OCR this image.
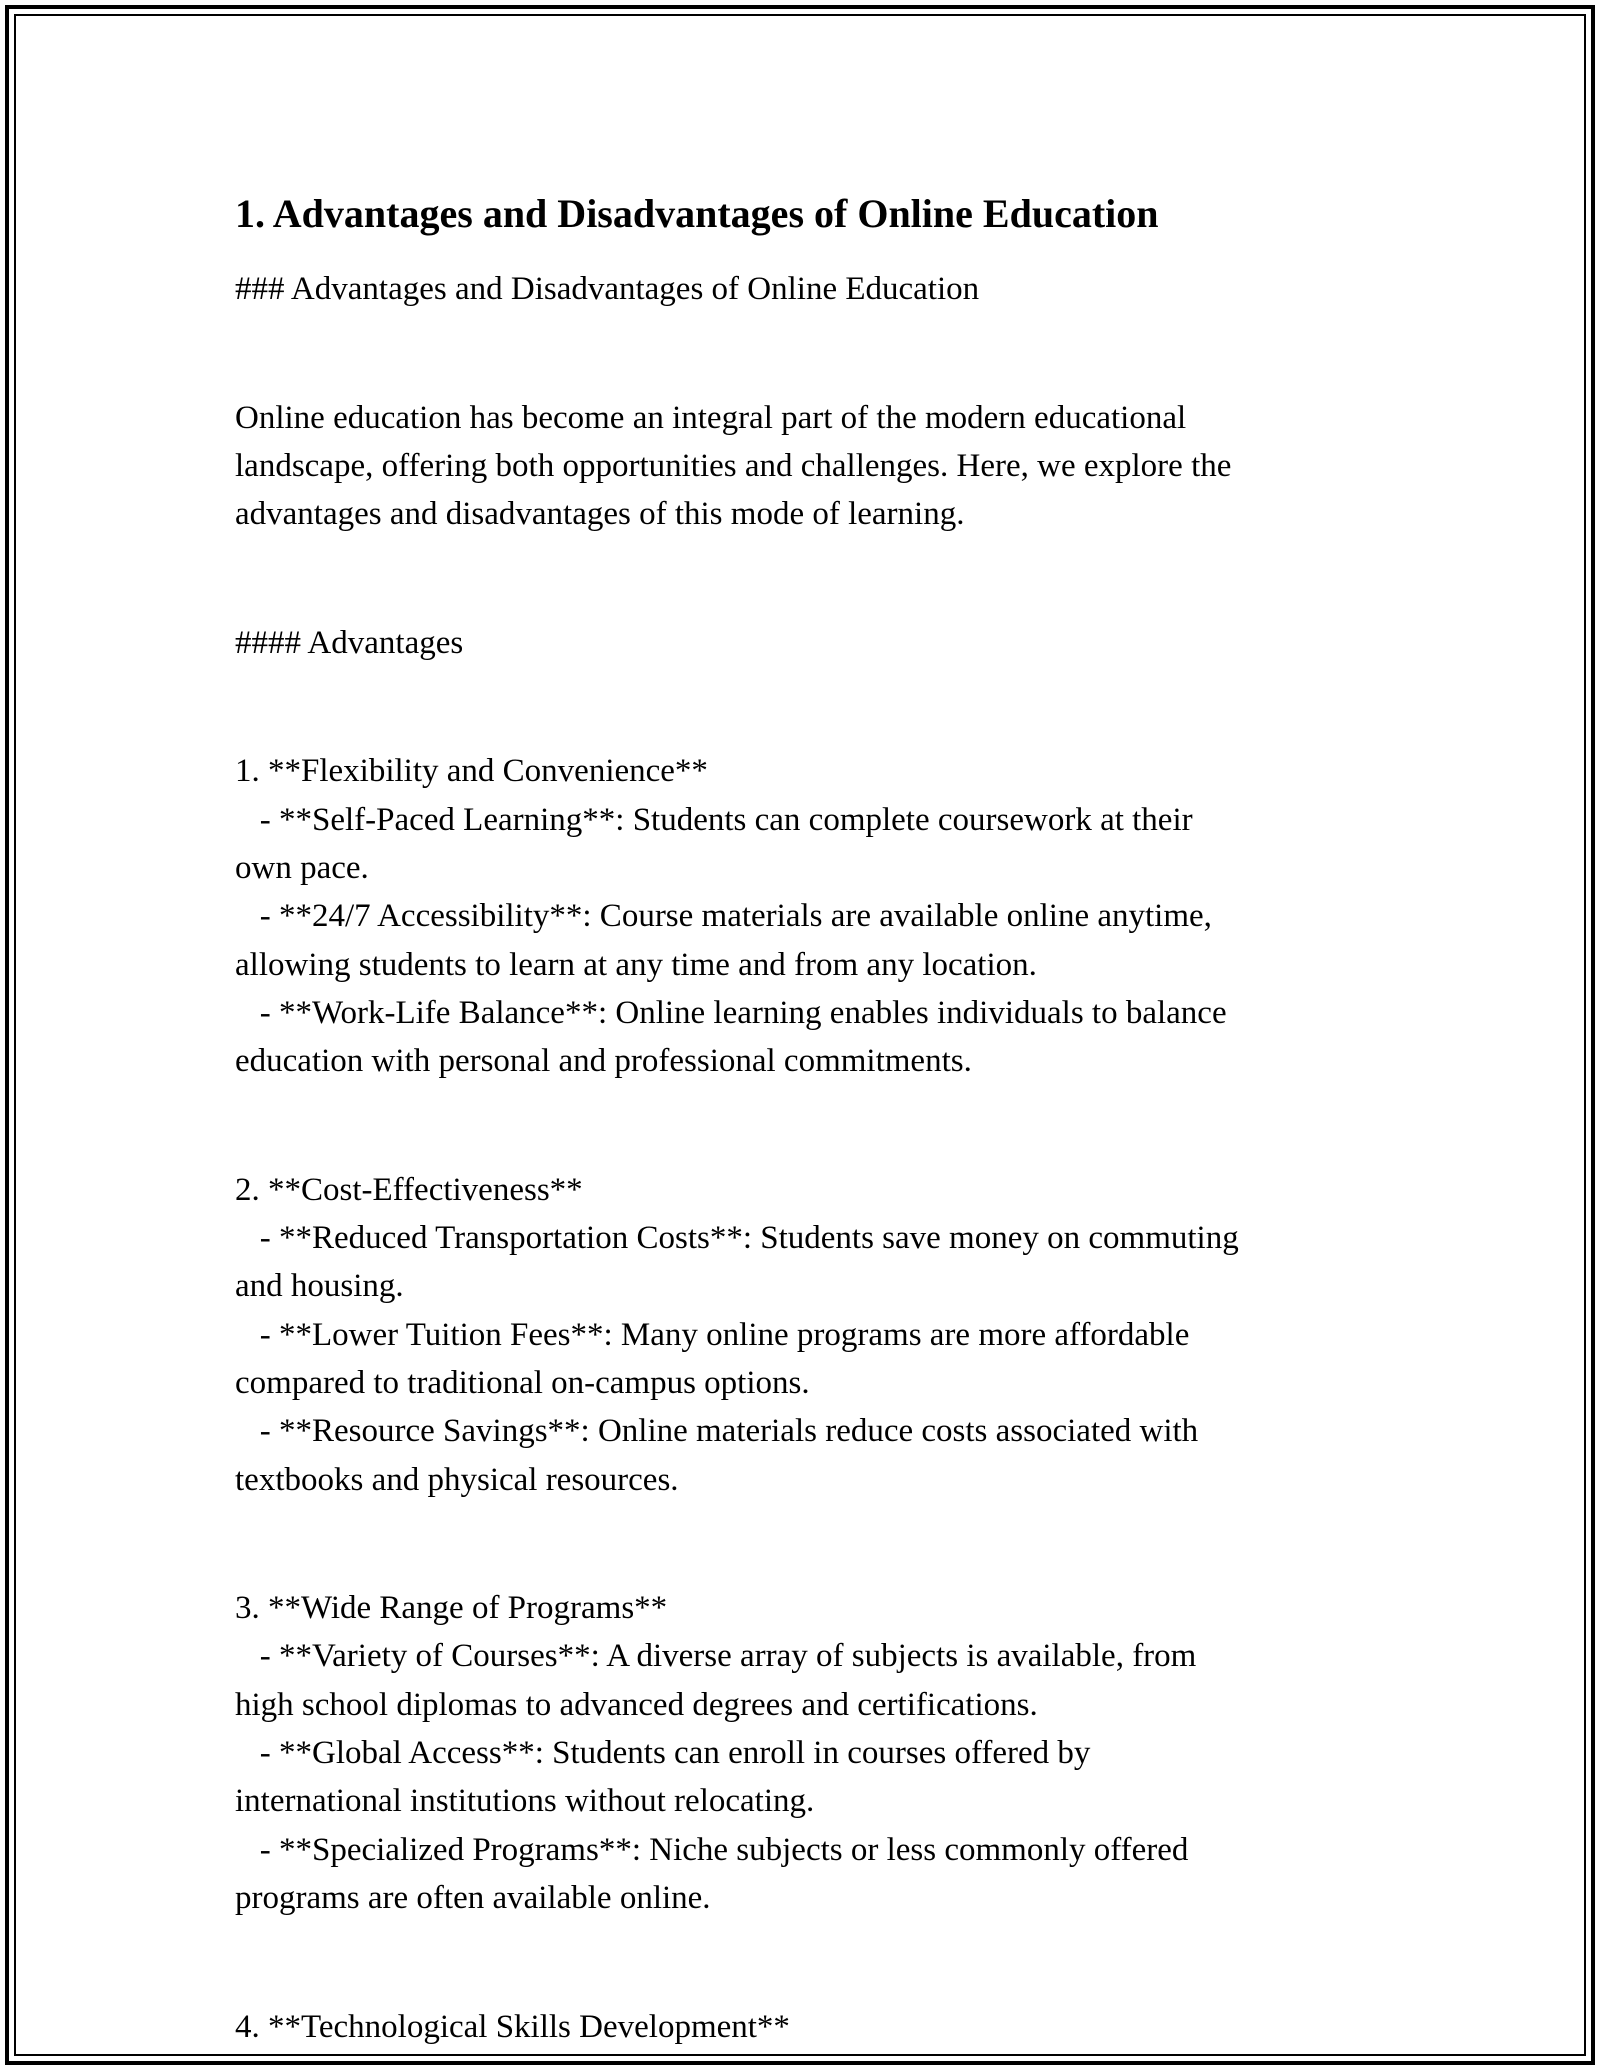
1. Advantages and Disadvantages of Online Education

### Advantages and Disadvantages of Online Education

Online education has become an integral part of the modern educational

landscape, offering both opportunities and challenges. Here, we explore the

advantages and disadvantages of this mode of learning.

#### Advantages

1. **Flexibility and Convenience**

- **Self-Paced Learning**: Students can complete coursework at their

own pace.

- **24/7 Accessibility**: Course materials are available online anytime,

allowing students to learn at any time and from any location.

- **Work-Life Balance**: Online learning enables individuals to balance

education with personal and professional commitments.

2. **Cost-Effectiveness**

- **Reduced Transportation Costs**: Students save money on commuting

and housing.

- **Lower Tuition Fees**: Many online programs are more affordable

compared to traditional on-campus options.

- **Resource Savings**: Online materials reduce costs associated with

textbooks and physical resources.

3. **Wide Range of Programs**

- **Variety of Courses**: A diverse array of subjects is available, from

high school diplomas to advanced degrees and certifications.

- **Global Access**: Students can enroll in courses offered by

international institutions without relocating.

- **Specialized Programs**: Niche subjects or less commonly offered

programs are often available online.

4. **Technological Skills Development**
